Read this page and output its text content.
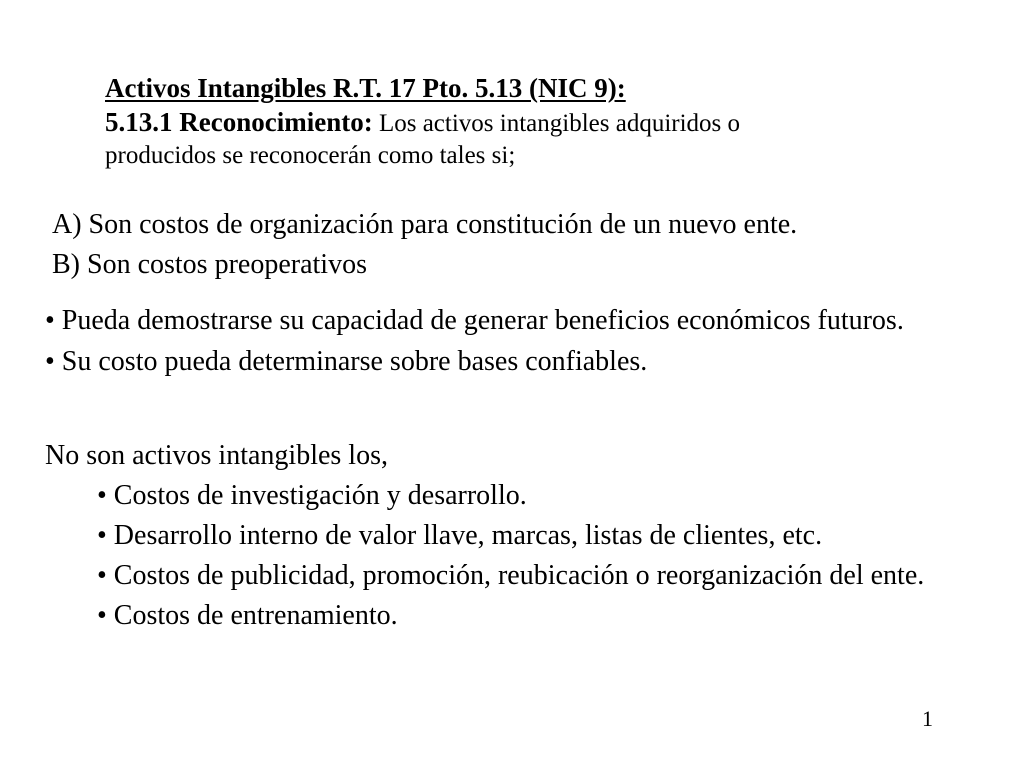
Activos Intangibles R.T. 17 Pto. 5.13 (NIC 9):

5.13.1 Reconocimiento: Los activos intangibles adquiridos o
producidos se reconocerán como tales si;

A) Son costos de organización para constitución de un nuevo ente.
B) Son costos preoperativos
• Pueda demostrarse su capacidad de generar beneficios económicos futuros.
• Su costo pueda determinarse sobre bases confiables.
No son activos intangibles los,
• Costos de investigación y desarrollo.
• Desarrollo interno de valor llave, marcas, listas de clientes, etc.
• Costos de publicidad, promoción, reubicación o reorganización del ente.
• Costos de entrenamiento.
1
